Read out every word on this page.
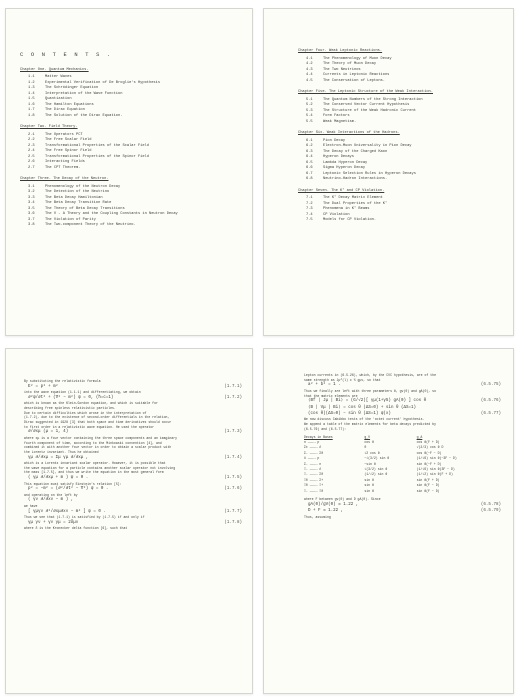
C O N T E N T S .
Chapter One. Quantum Mechanics.
1.1	Matter Waves
1.2	Experimental Verification of De Broglie's Hypothesis
1.3	The Schrödinger Equation
1.4	Interpretation of the Wave Function
1.5	Quantization
1.6	The Hamilton Equations
1.7	The Dirac Equation
1.8	The Solution of the Dirac Equation.
Chapter Two. Field Theory.
2.1	The Operators PCT
2.2	The Free Scalar Field
2.3	Transformational Properties of the Scalar Field
2.4	The Free Spinor Field
2.5	Transformational Properties of the Spinor Field
2.6	Interacting Fields
2.7	The CPT Theorem.
Chapter Three. The Decay of the Neutron.
3.1	Phenomenology of the Neutron Decay
3.2	The Detection of the Neutrino
3.3	The Beta Decay Hamiltonian
3.4	The Beta Decay Transition Rate
3.5	The Theory of Beta Decay Transitions
3.6	The V - A Theory and the Coupling Constants in Neutron Decay
3.7	The Violation of Parity
3.8	The Two-component Theory of the Neutrino.
Chapter Four. Weak Leptonic Reactions.
4.1	The Phenomenology of Muon Decay
4.2	The Theory of Muon Decay
4.3	The Two Neutrinos
4.4	Currents in Leptonic Reactions
4.5	The Conservation of Leptons.
Chapter Five. The Leptonic Structure of the Weak Interaction.
5.1	The Quantum Numbers of the Strong Interaction
5.2	The Conserved Vector Current Hypothesis
5.3	The Structure of the Weak Hadronic Current
5.4	Form Factors
5.5	Weak Magnetism.
Chapter Six. Weak Interactions of the Hadrons.
6.1	Pion Decay
6.2	Electron-Muon Universality in Pion Decay
6.3	The Decay of the Charged Kaon
6.4	Hyperon Decays
6.5	Lambda Hyperon Decay
6.6	Sigma Hyperon Decay
6.7	Leptonic Selection Rules in Hyperon Decays
6.8	Neutrino-Hadron Interactions.
Chapter Seven. The K° and CP Violation.
7.1	The K° Decay Matrix Element
7.2	The Dual Properties of the K°
7.3	Phenomena in K° Beams
7.4	CP Violation
7.5	Models for CP Violation.
By substituting the relativistic formula
E² = p² + m²	(1.7.1)
into the wave equation (1.1.1) and differentiating, we obtain
∂²ψ/∂t² + (∇² − m²) ψ = 0, (ħ=c=1)	(1.7.2)
which is known as the Klein-Gordon equation, and which is suitable for
describing free spinless relativistic particles.
Due to certain difficulties which arose in the interpretation of
(1.7.2), due to the existence of second-order differentials in the relation,
Dirac suggested in 1928 [3] that both space and time derivatives should occur
to first order in a relativistic wave equation. He used the operator
∂/∂xμ (μ = 1, 4)	(1.7.3)
where xμ is a four vector containing the three space components and an imaginary
fourth component of time, according to the Minkowski convention [4], and
combined it with another four vector in order to obtain a scalar product with
the Lorentz invariant. Thus he obtained
γμ ∂/∂xμ = Σμ γμ ∂/∂xμ ,	(1.7.4)
which is a Lorentz invariant scalar operator. However, it is possible that
the wave equation for a particle contains another scalar operator not involving
the mass [1.7.5], and thus we write the equation in the most general form
( γμ ∂/∂xμ + m ) ψ = 0 .	(1.7.5)
This equation must satisfy Einstein's relation [5]:
p² = −m² = (∂²/∂t² − ∇²) ψ = 0 .	(1.7.6)
and operating on the left by
( γν ∂/∂xν − m ) ,
we have
[ γμγν ∂²/∂xμ∂xν − m² ] ψ = 0 .	(1.7.7)
Thus we see that (1.7.1) is satisfied by (1.7.5) if and only if
γμ γν + γν γμ = 2δμν	(1.7.8)
where δ is the Kronecker delta function [6], such that
Lepton currents in (6.5.26), which, by the CVC hypothesis, are of the
same strength as Jμ^(l) ≡ ½ gμν, so that
a² + b² = 1 .	(6.5.75)
Thus we finally are left with three parameters θ, gv(0) and gA(0), so
that the matrix elements are
⟨Bf | Jμ | Bi⟩ = (G/√2)[ γμ(1+γ5) gA(0) ] cos θ	(6.5.76)
⟨B | Vμ | Bi⟩ = cos θ (ΔS=0) + sin θ (ΔS=1)
(cos θ)(ΔS=0) − sin θ (ΔS=1) ψ(x)	(6.5.77)
We now discuss Cabibbo tests of the 'octet current' hypothesis.
We append a table of the matrix elements for beta decays predicted by
(6.5.76) and (6.5.77):
Decays in Bases	g_V	g_A
n ───→ p	cos θ	cos θ(F + D)
Σ± ───→ Λ	0	√(2/3) cos θ D
Σ- ───→ Σ0	√2 cos θ	cos θ(−F − D)
Λ ───→ p	−√(3/2) sin θ	(1/√6) sin θ(−3F − D)
Σ- ───→ n	−sin θ	sin θ(−F + D)
Ξ- ───→ Λ	√(3/2) sin θ	(1/√6) sin θ(3F − D)
Ξ- ───→ Σ0	(1/√2) sin θ	(1/√2) sin θ(F + D)
Ξ0 ───→ Σ+	sin θ	sin θ(F + D)
Ξ0 ───→ Ξ+	sin θ	sin θ(F − D)
Ξ- ───→ Ξ0	sin θ	sin θ(F − D)
where F between gv(0) and D gA(0). Since
gA(0)/gV(0) ≃ 1.22 ,	(6.5.78)
D + F ≃ 1.22 ,	(6.5.79)
Thus, assuming
